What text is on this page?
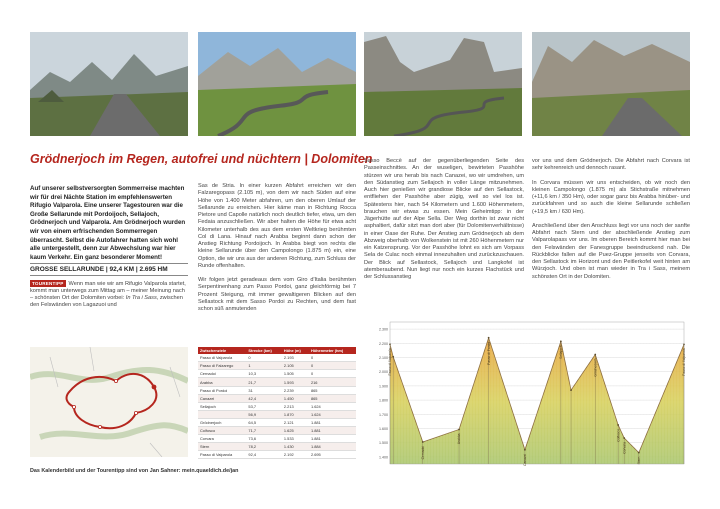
Grödnerjoch im Regen, autofrei und nüchtern | Dolomiten

Auf unserer selbstversorgten Sommerreise machten wir für drei Nächte Station im empfehlenswerten Rifugio Valparola. Eine unserer Tagestouren war die Große Sellarunde mit Pordoijoch, Sellajoch, Grödnerjoch und Valparola. Am Grödnerjoch wurden wir von einem erfrischenden Sommerregen überrascht. Selbst die Autofahrer hatten sich wohl alle untergestellt, denn zur Abwechslung war hier kaum Verkehr. Ein ganz besonderer Moment!

GROSSE SELLARUNDE | 92,4 KM | 2.695 HM
TOURENTIPP Wenn man wie wir am Rifugio Valparola startet, kommt man unterwegs zum Mittag am – meiner Meinung nach – schönsten Ort der Dolomiten vorbei: In Tra i Sass, zwischen den Felswänden von Lagazuoi und

Sas de Stria. In einer kurzen Abfahrt erreichen wir den Falzaregopass (2.105 m), von dem wir nach Süden auf eine Höhe von 1.400 Meter abfahren, um den oberen Umlauf der Sellarunde zu erreichen. Hier käme man in Richtung Rocca Pietore und Capolle natürlich noch deutlich tiefer, etwa, um den Fedaia anzuschließen. Wir aber halten die Höhe für etwa acht Kilometer unterhalb des aus dem ersten Weltkrieg berühmten Col di Lana. Hinauf nach Arabba beginnt dann schon der Anstieg Richtung Pordoijoch. In Arabba biegt von rechts die kleine Sellarunde über den Campolongo (1.875 m) ein, eine Option, die wir uns aus der anderen Richtung, zum Schluss der Runde offenhalten.

Wir folgen jetzt geradeaus dem vom Giro d'Italia berühmten Serpentinenhang zum Passo Pordoi, ganz gleichförmig bei 7 Prozent Steigung, mit immer gewaltigeren Blicken auf den Sellastock mit dem Sasso Pordoi zu Rechten, und dem fast schon süß anmutenden

Sasso Beccè auf der gegenüberliegenden Seite des Passeinschnittes. An der wuseligen, bewirteten Passhöhe stürzen wir uns herab bis nach Canazei, wo wir umdrehen, um den Südanstieg zum Sellajoch in voller Länge mitzunehmen. Auch hier genießen wir grandiose Blicke auf den Sellastock, entfliehen der Passhöhe aber zügig, weil so viel los ist. Spätestens hier, nach 54 Kilometern und 1.600 Höhenmetern, brauchen wir etwas zu essen. Mein Geheimtipp: in der Jägerhütte auf der Alpe Sella. Der Weg dorthin ist zwar nicht asphaltiert, dafür sitzt man dort aber (für Dolomitenverhältnisse) in einer Oase der Ruhe. Der Anstieg zum Grödnerjoch ab dem Abzweig oberhalb von Wolkenstein ist mit 260 Höhenmetern nur ein Katzensprung. Vor der Passhöhe lohnt es sich am Vorpass Sela de Culac noch einmal innezuhalten und zurückzuschauen. Der Blick auf Sellastock, Sellajoch und Langkofel ist atemberaubend. Nun liegt nur noch ein kurzes Flachstück und der Schlussanstieg

vor uns und dem Grödnerjoch. Die Abfahrt nach Corvara ist sehr kehrenreich und dennoch rasant.

In Corvara müssen wir uns entscheiden, ob wir noch den kleinen Campolongo (1.875 m) als Stichstraße mitnehmen (+11,6 km / 350 Hm), oder sogar ganz bis Arabba hinüber- und zurückfahren und so auch die kleine Sellarunde schließen (+19,5 km / 630 Hm).

Anschließend über den Anschluss liegt vor uns noch der sanfte Abfahrt nach Stern und der abschließende Anstieg zum Valparolapass vor uns. Im oberen Bereich kommt hier man bei den Felswänden der Fanesgruppe beeindruckend nah. Die Rückblicke fallen auf die Puez-Gruppe jenseits von Corvara, den Sellastock im Horizont und den Peitlerkofel weit hinten am Würzjoch. Und oben ist man wieder in Tra i Sass, meinem schönsten Ort in der Dolomiten.

Zwischenziele	Strecke (km)	Höhe (m)	Höhenmeter (hm)
Passo di Valparola	0	2.193	0
Passo di Falzarego	1	2.105	0
Cernadoi	10,3	1.505	0
Arabba	21,7	1.593	216
Passo di Pordoi	31	2.239	865
Canazei	42,4	1.450	865
Sellajoch	53,7	2.213	1.624
	56,9	1.870	1.624
Grödnerjoch	64,5	2.121	1.881
Colfosco	71,7	1.625	1.881
Corvara	73,6	1.533	1.881
Stern	78,2	1.430	1.884
Passo di Valparola	92,4	2.192	2.695
2.300
2.200
2.100
2.000
1.900
1.800
1.700
1.600
1.500
1.400
Passo di Valparola
Cernadoi
Arabba
Passo di Pordoi
Canazei
Sellajoch
Grödnerjoch
Colfosco
Corvara
Stern
Passo di Valparola
Das Kalenderbild und der Tourentipp sind von Jan Sahner: mein.quaeldich.de/jan
